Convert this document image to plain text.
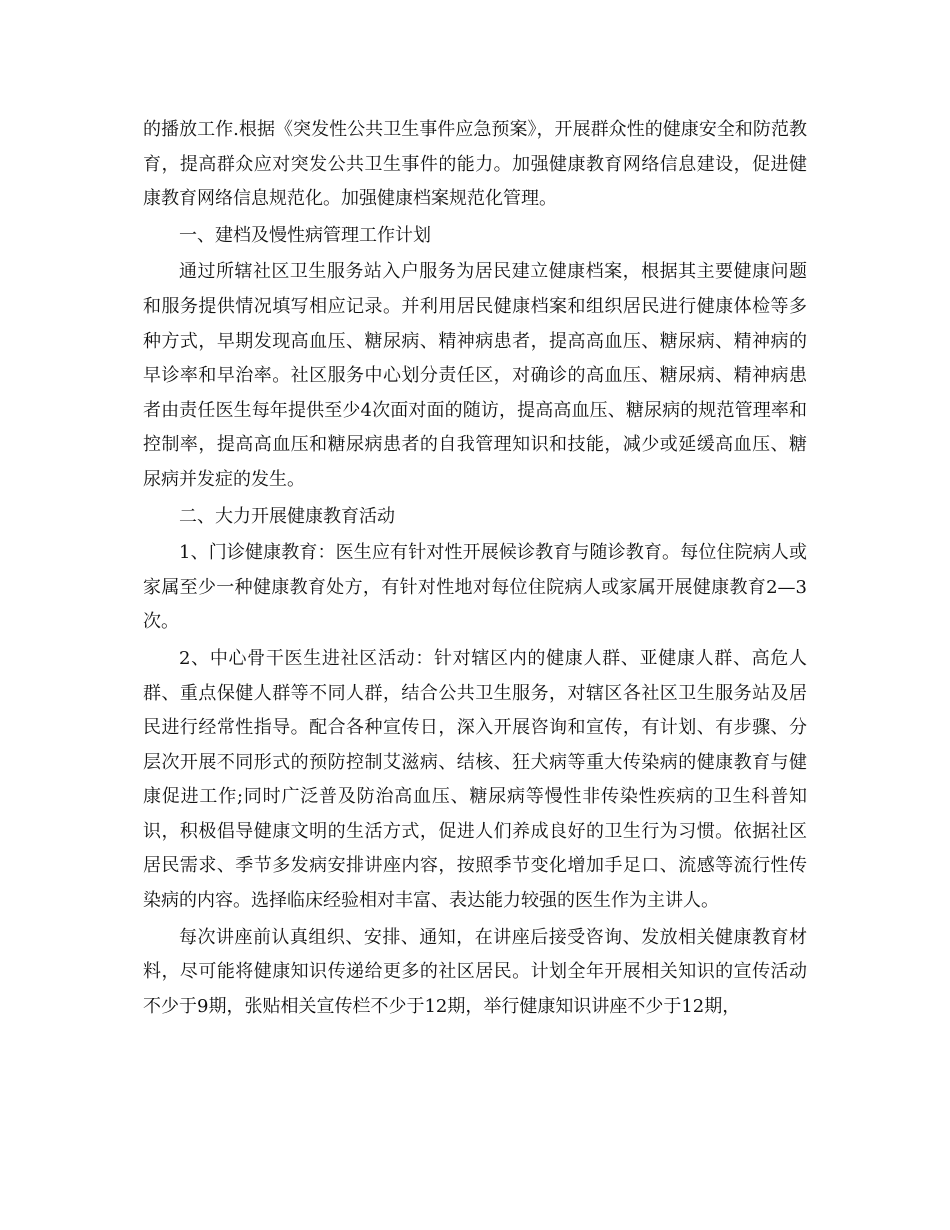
的播放工作.根据《突发性公共卫生事件应急预案》，开展群众性的健康安全和防范教育，提高群众应对突发公共卫生事件的能力。加强健康教育网络信息建设，促进健康教育网络信息规范化。加强健康档案规范化管理。

一、建档及慢性病管理工作计划

通过所辖社区卫生服务站入户服务为居民建立健康档案，根据其主要健康问题和服务提供情况填写相应记录。并利用居民健康档案和组织居民进行健康体检等多种方式，早期发现高血压、糖尿病、精神病患者，提高高血压、糖尿病、精神病的早诊率和早治率。社区服务中心划分责任区，对确诊的高血压、糖尿病、精神病患者由责任医生每年提供至少4次面对面的随访，提高高血压、糖尿病的规范管理率和控制率，提高高血压和糖尿病患者的自我管理知识和技能，减少或延缓高血压、糖尿病并发症的发生。

二、大力开展健康教育活动

1、门诊健康教育：医生应有针对性开展候诊教育与随诊教育。每位住院病人或家属至少一种健康教育处方，有针对性地对每位住院病人或家属开展健康教育2—3次。

2、中心骨干医生进社区活动：针对辖区内的健康人群、亚健康人群、高危人群、重点保健人群等不同人群，结合公共卫生服务，对辖区各社区卫生服务站及居民进行经常性指导。配合各种宣传日，深入开展咨询和宣传，有计划、有步骤、分层次开展不同形式的预防控制艾滋病、结核、狂犬病等重大传染病的健康教育与健康促进工作;同时广泛普及防治高血压、糖尿病等慢性非传染性疾病的卫生科普知识，积极倡导健康文明的生活方式，促进人们养成良好的卫生行为习惯。依据社区居民需求、季节多发病安排讲座内容，按照季节变化增加手足口、流感等流行性传染病的内容。选择临床经验相对丰富、表达能力较强的医生作为主讲人。

每次讲座前认真组织、安排、通知，在讲座后接受咨询、发放相关健康教育材料，尽可能将健康知识传递给更多的社区居民。计划全年开展相关知识的宣传活动不少于9期，张贴相关宣传栏不少于12期，举行健康知识讲座不少于12期，
